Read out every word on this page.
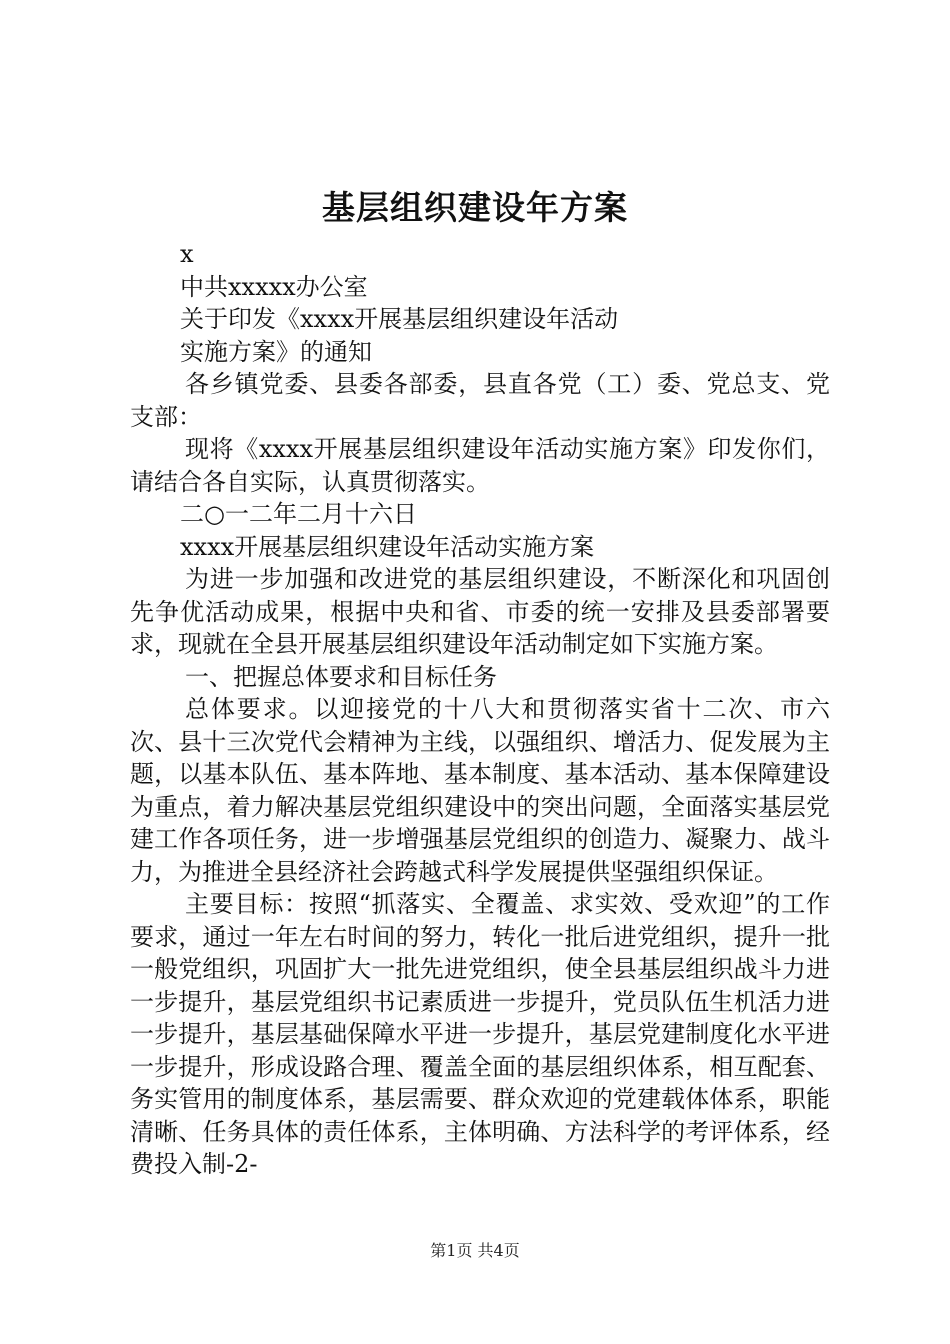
基层组织建设年方案

x

中共xxxxx办公室

关于印发《xxxx开展基层组织建设年活动

实施方案》的通知

各乡镇党委、县委各部委，县直各党（工）委、党总支、党支部：

现将《xxxx开展基层组织建设年活动实施方案》印发你们，请结合各自实际，认真贯彻落实。

二○一二年二月十六日

xxxx开展基层组织建设年活动实施方案

为进一步加强和改进党的基层组织建设，不断深化和巩固创先争优活动成果，根据中央和省、市委的统一安排及县委部署要求，现就在全县开展基层组织建设年活动制定如下实施方案。

一、把握总体要求和目标任务

总体要求。以迎接党的十八大和贯彻落实省十二次、市六次、县十三次党代会精神为主线，以强组织、增活力、促发展为主题，以基本队伍、基本阵地、基本制度、基本活动、基本保障建设为重点，着力解决基层党组织建设中的突出问题，全面落实基层党建工作各项任务，进一步增强基层党组织的创造力、凝聚力、战斗力，为推进全县经济社会跨越式科学发展提供坚强组织保证。

主要目标：按照“抓落实、全覆盖、求实效、受欢迎”的工作要求，通过一年左右时间的努力，转化一批后进党组织，提升一批一般党组织，巩固扩大一批先进党组织，使全县基层组织战斗力进一步提升，基层党组织书记素质进一步提升，党员队伍生机活力进一步提升，基层基础保障水平进一步提升，基层党建制度化水平进一步提升，形成设路合理、覆盖全面的基层组织体系，相互配套、务实管用的制度体系，基层需要、群众欢迎的党建载体体系，职能清晰、任务具体的责任体系，主体明确、方法科学的考评体系，经费投入制-2-

第1页 共4页
